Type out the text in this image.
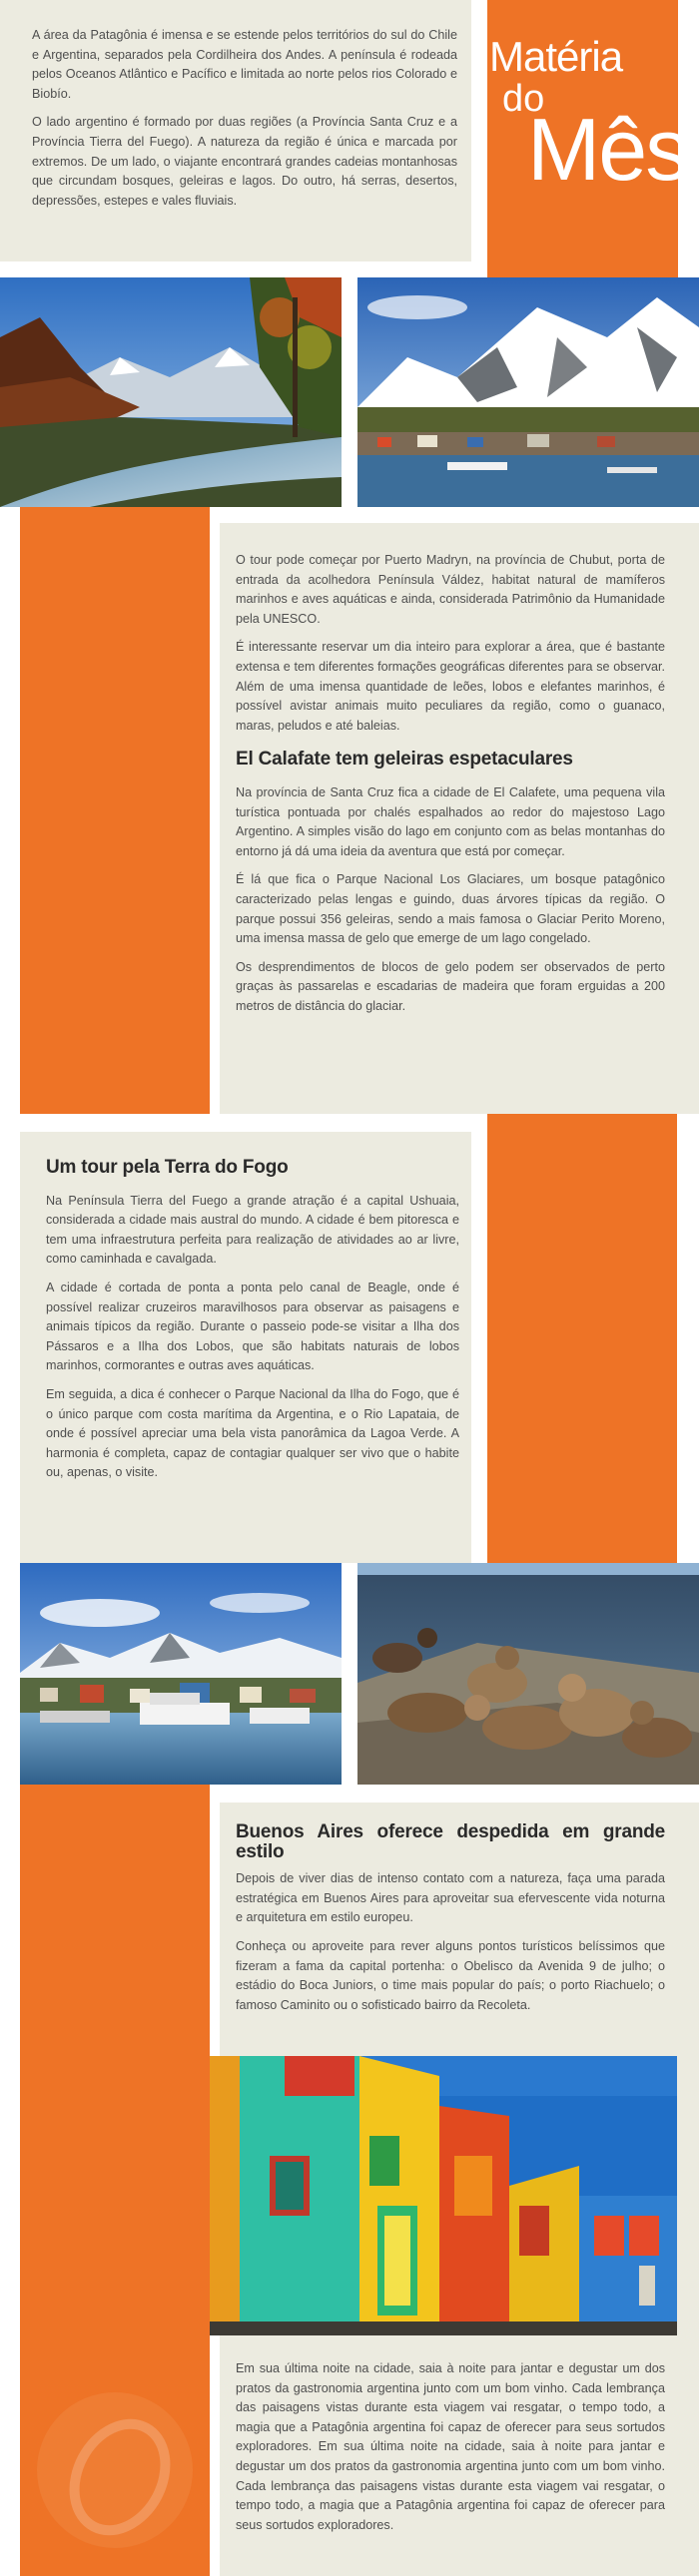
A área da Patagônia é imensa e se estende pelos territórios do sul do Chile e Argentina, separados pela Cordilheira dos Andes. A península é rodeada pelos Oceanos Atlântico e Pacífico e limitada ao norte pelos rios Colorado e Biobío.

O lado argentino é formado por duas regiões (a Província Santa Cruz e a Província Tierra del Fuego). A natureza da região é única e marcada por extremos. De um lado, o viajante encontrará grandes cadeias montanhosas que circundam bosques, geleiras e lagos. Do outro, há serras, desertos, depressões, estepes e vales fluviais.

Matéria
do
Mês

O tour pode começar por Puerto Madryn, na província de Chubut, porta de entrada da acolhedora Península Váldez, habitat natural de mamíferos marinhos e aves aquáticas e ainda, considerada Patrimônio da Humanidade pela UNESCO.

É interessante reservar um dia inteiro para explorar a área, que é bastante extensa e tem diferentes formações geográficas diferentes para se observar. Além de uma imensa quantidade de leões, lobos e elefantes marinhos, é possível avistar animais muito peculiares da região, como o guanaco, maras, peludos e até baleias.

El Calafate tem geleiras espetaculares

Na província de Santa Cruz fica a cidade de El Calafete, uma pequena vila turística pontuada por chalés espalhados ao redor do majestoso Lago Argentino. A simples visão do lago em conjunto com as belas montanhas do entorno já dá uma ideia da aventura que está por começar.

É lá que fica o Parque Nacional Los Glaciares, um bosque patagônico caracterizado pelas lengas e guindo, duas árvores típicas da região. O parque possui 356 geleiras, sendo a mais famosa o Glaciar Perito Moreno, uma imensa massa de gelo que emerge de um lago congelado.

Os desprendimentos de blocos de gelo podem ser observados de perto graças às passarelas e escadarias de madeira que foram erguidas a 200 metros de distância do glaciar.

Um tour pela Terra do Fogo

Na Península Tierra del Fuego a grande atração é a capital Ushuaia, considerada a cidade mais austral do mundo. A cidade é bem pitoresca e tem uma infraestrutura perfeita para realização de atividades ao ar livre, como caminhada e cavalgada.

A cidade é cortada de ponta a ponta pelo canal de Beagle, onde é possível realizar cruzeiros maravilhosos para observar as paisagens e animais típicos da região. Durante o passeio pode-se visitar a Ilha dos Pássaros e a Ilha dos Lobos, que são habitats naturais de lobos marinhos, cormorantes e outras aves aquáticas.

Em seguida, a dica é conhecer o Parque Nacional da Ilha do Fogo, que é o único parque com costa marítima da Argentina, e o Rio Lapataia, de onde é possível apreciar uma bela vista panorâmica da Lagoa Verde. A harmonia é completa, capaz de contagiar qualquer ser vivo que o habite ou, apenas, o visite.

Buenos Aires oferece despedida em grande estilo

Depois de viver dias de intenso contato com a natureza, faça uma parada estratégica em Buenos Aires para aproveitar sua efervescente vida noturna e arquitetura em estilo europeu.

Conheça ou aproveite para rever alguns pontos turísticos belíssimos que fizeram a fama da capital portenha: o Obelisco da Avenida 9 de julho; o estádio do Boca Juniors, o time mais popular do país; o porto Riachuelo; o famoso Caminito ou o sofisticado bairro da Recoleta.

Em sua última noite na cidade, saia à noite para jantar e degustar um dos pratos da gastronomia argentina junto com um bom vinho. Cada lembrança das paisagens vistas durante esta viagem vai resgatar, o tempo todo, a magia que a Patagônia argentina foi capaz de oferecer para seus sortudos exploradores. Em sua última noite na cidade, saia à noite para jantar e degustar um dos pratos da gastronomia argentina junto com um bom vinho. Cada lembrança das paisagens vistas durante esta viagem vai resgatar, o tempo todo, a magia que a Patagônia argentina foi capaz de oferecer para seus sortudos exploradores.
